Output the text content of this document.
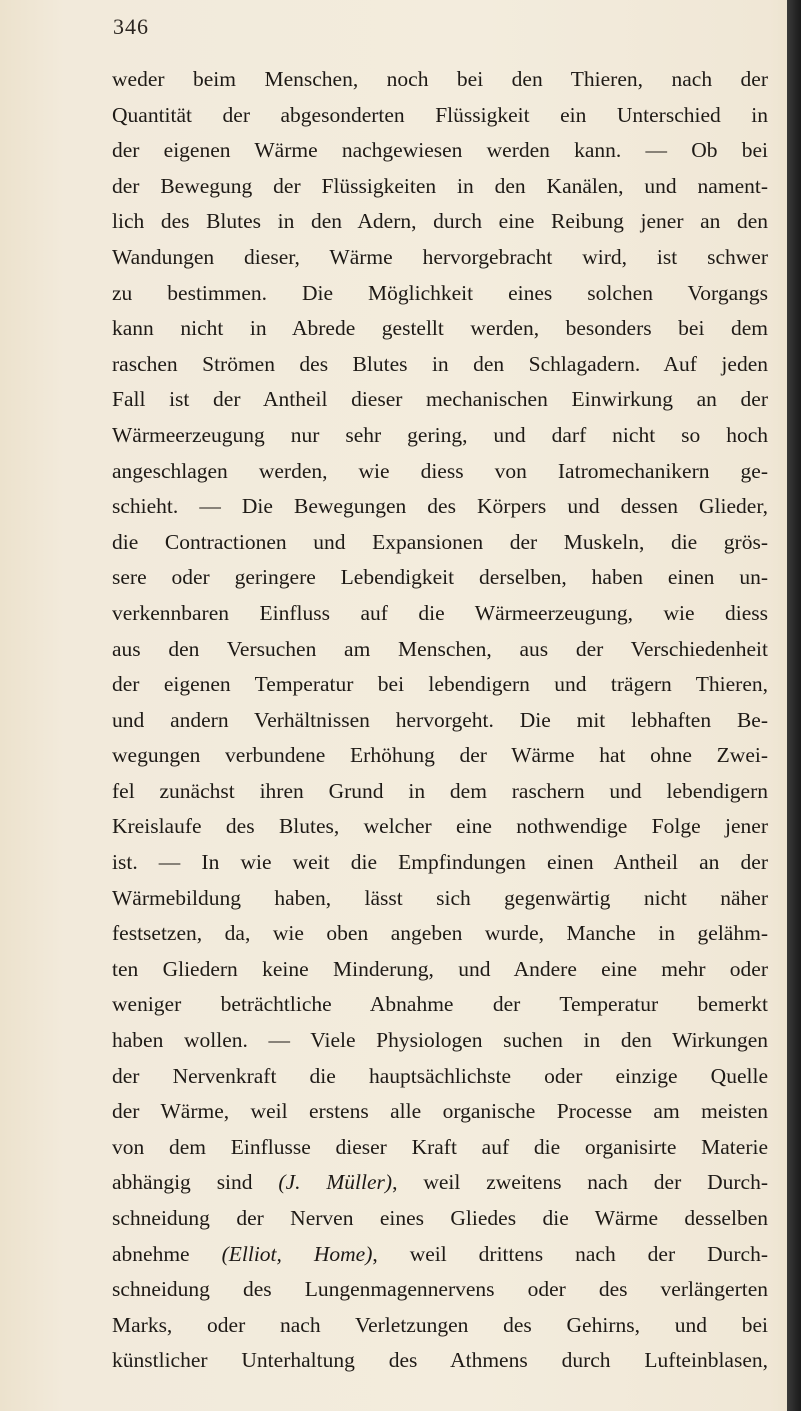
346
weder beim Menschen, noch bei den Thieren, nach der
Quantität der abgesonderten Flüssigkeit ein Unterschied in
der eigenen Wärme nachgewiesen werden kann. — Ob bei
der Bewegung der Flüssigkeiten in den Kanälen, und nament-
lich des Blutes in den Adern, durch eine Reibung jener an den
Wandungen dieser, Wärme hervorgebracht wird, ist schwer
zu bestimmen. Die Möglichkeit eines solchen Vorgangs
kann nicht in Abrede gestellt werden, besonders bei dem
raschen Strömen des Blutes in den Schlagadern. Auf jeden
Fall ist der Antheil dieser mechanischen Einwirkung an der
Wärmeerzeugung nur sehr gering, und darf nicht so hoch
angeschlagen werden, wie diess von Iatromechanikern ge-
schieht. — Die Bewegungen des Körpers und dessen Glieder,
die Contractionen und Expansionen der Muskeln, die grös-
sere oder geringere Lebendigkeit derselben, haben einen un-
verkennbaren Einfluss auf die Wärmeerzeugung, wie diess
aus den Versuchen am Menschen, aus der Verschiedenheit
der eigenen Temperatur bei lebendigern und trägern Thieren,
und andern Verhältnissen hervorgeht. Die mit lebhaften Be-
wegungen verbundene Erhöhung der Wärme hat ohne Zwei-
fel zunächst ihren Grund in dem raschern und lebendigern
Kreislaufe des Blutes, welcher eine nothwendige Folge jener
ist. — In wie weit die Empfindungen einen Antheil an der
Wärmebildung haben, lässt sich gegenwärtig nicht näher
festsetzen, da, wie oben angeben wurde, Manche in gelähm-
ten Gliedern keine Minderung, und Andere eine mehr oder
weniger beträchtliche Abnahme der Temperatur bemerkt
haben wollen. — Viele Physiologen suchen in den Wirkungen
der Nervenkraft die hauptsächlichste oder einzige Quelle
der Wärme, weil erstens alle organische Processe am meisten
von dem Einflusse dieser Kraft auf die organisirte Materie
abhängig sind (J. Müller), weil zweitens nach der Durch-
schneidung der Nerven eines Gliedes die Wärme desselben
abnehme (Elliot, Home), weil drittens nach der Durch-
schneidung des Lungenmagennervens oder des verlängerten
Marks, oder nach Verletzungen des Gehirns, und bei
künstlicher Unterhaltung des Athmens durch Lufteinblasen,
